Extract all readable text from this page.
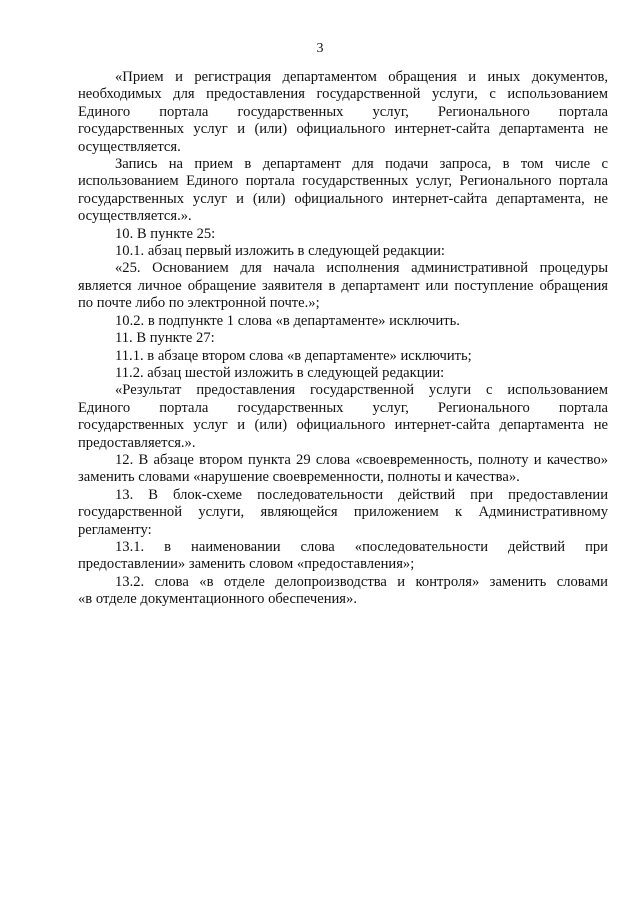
3
«Прием и регистрация департаментом обращения и иных документов,
необходимых для предоставления государственной услуги, с использованием
Единого портала государственных услуг, Регионального портала
государственных услуг и (или) официального интернет-сайта департамента не
осуществляется.
Запись на прием в департамент для подачи запроса, в том числе с
использованием Единого портала государственных услуг, Регионального портала
государственных услуг и (или) официального интернет-сайта департамента, не
осуществляется.».
10. В пункте 25:
10.1. абзац первый изложить в следующей редакции:
«25. Основанием для начала исполнения административной процедуры
является личное обращение заявителя в департамент или поступление обращения
по почте либо по электронной почте.»;
10.2. в подпункте 1 слова «в департаменте» исключить.
11. В пункте 27:
11.1. в абзаце втором слова «в департаменте» исключить;
11.2. абзац шестой изложить в следующей редакции:
«Результат предоставления государственной услуги с использованием
Единого портала государственных услуг, Регионального портала
государственных услуг и (или) официального интернет-сайта департамента не
предоставляется.».
12. В абзаце втором пункта 29 слова «своевременность, полноту и качество»
заменить словами «нарушение своевременности, полноты и качества».
13. В блок-схеме последовательности действий при предоставлении
государственной услуги, являющейся приложением к Административному
регламенту:
13.1. в наименовании слова «последовательности действий при
предоставлении» заменить словом «предоставления»;
13.2. слова «в отделе делопроизводства и контроля» заменить словами
«в отделе документационного обеспечения».
